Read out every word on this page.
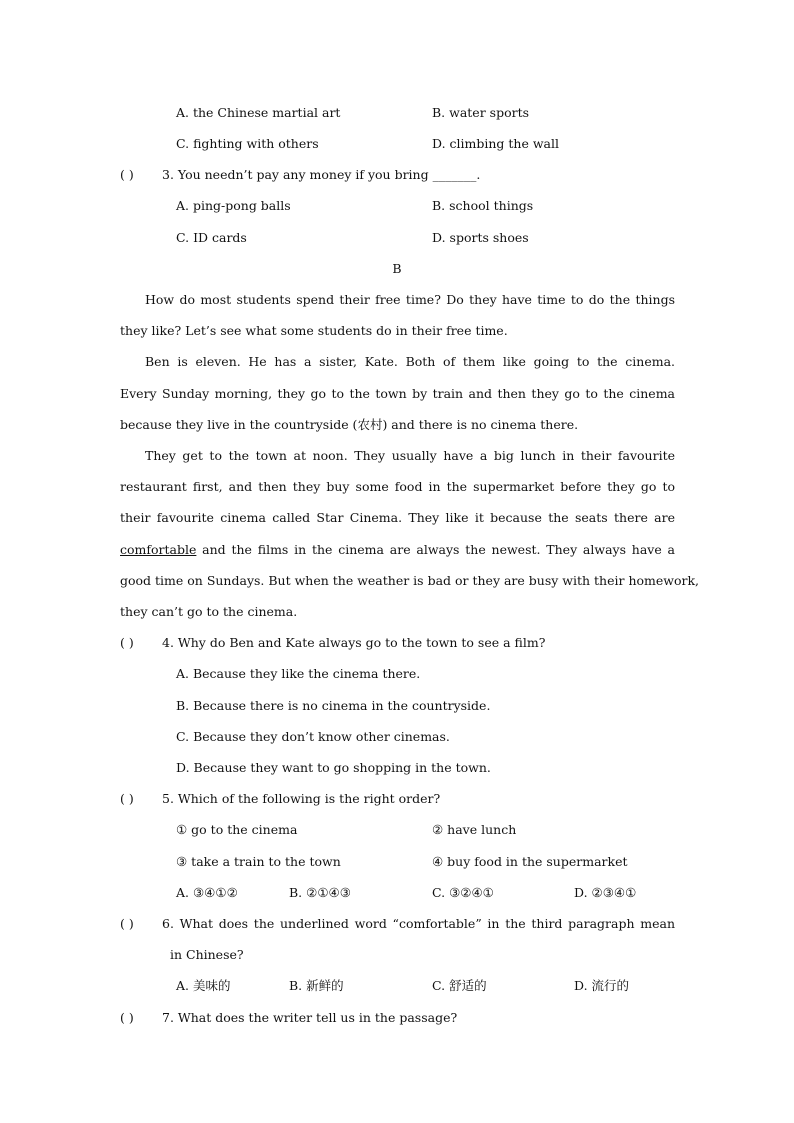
A. the Chinese martial art	B. water sports
C. fighting with others	D. climbing the wall
( ) 3. You needn’t pay any money if you bring _______.
A. ping-pong balls	B. school things
C. ID cards	D. sports shoes
B
How do most students spend their free time? Do they have time to do the things
they like? Let’s see what some students do in their free time.
Ben is eleven. He has a sister, Kate. Both of them like going to the cinema.
Every Sunday morning, they go to the town by train and then they go to the cinema
because they live in the countryside (农村) and there is no cinema there.
They get to the town at noon. They usually have a big lunch in their favourite
restaurant first, and then they buy some food in the supermarket before they go to
their favourite cinema called Star Cinema. They like it because the seats there are
comfortable and the films in the cinema are always the newest. They always have a
good time on Sundays. But when the weather is bad or they are busy with their homework,
they can’t go to the cinema.
( ) 4. Why do Ben and Kate always go to the town to see a film?
A. Because they like the cinema there.
B. Because there is no cinema in the countryside.
C. Because they don’t know other cinemas.
D. Because they want to go shopping in the town.
( ) 5. Which of the following is the right order?
① go to the cinema	② have lunch
③ take a train to the town	④ buy food in the supermarket
A. ③④①②	B. ②①④③	C. ③②④①	D. ②③④①
( ) 6. What does the underlined word “comfortable” in the third paragraph mean
in Chinese?
A. 美味的	B. 新鲜的	C. 舒适的	D. 流行的
( ) 7. What does the writer tell us in the passage?
